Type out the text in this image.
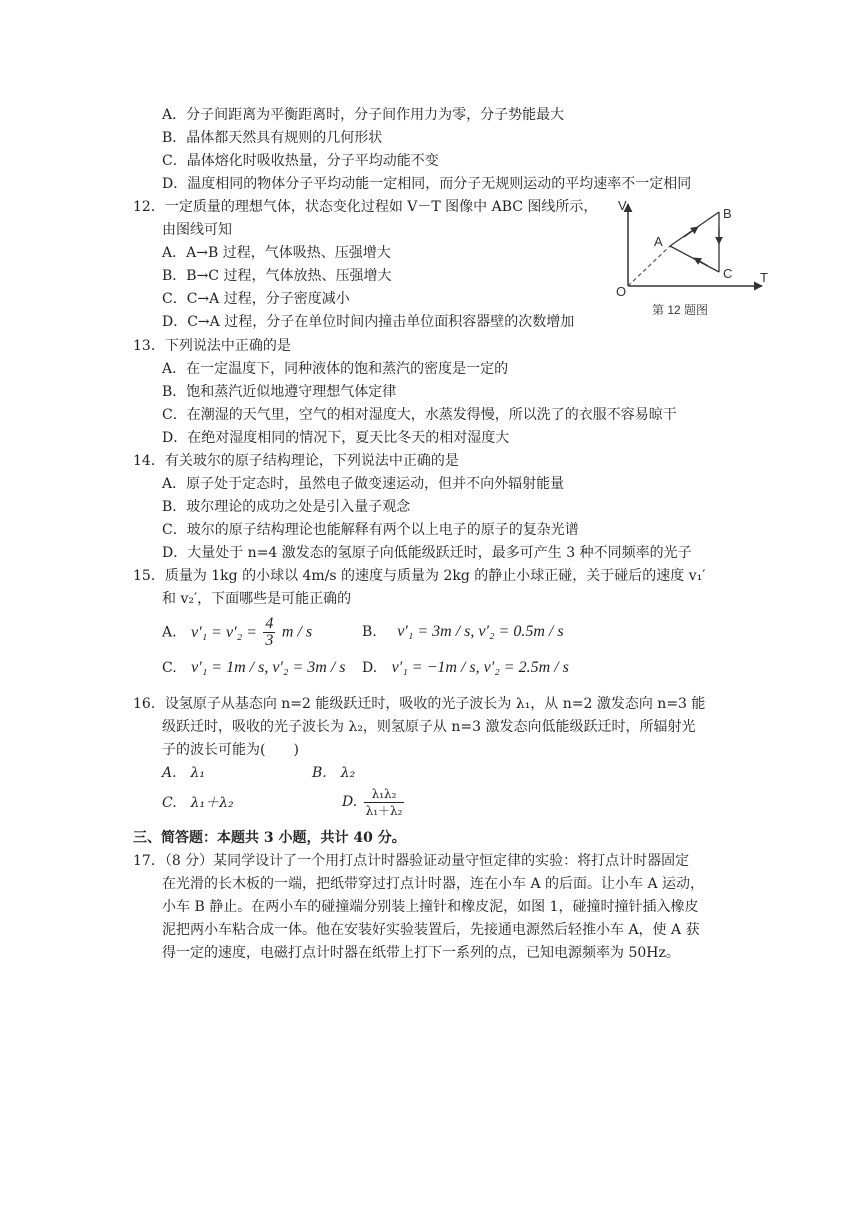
A．分子间距离为平衡距离时，分子间作用力为零，分子势能最大
B．晶体都天然具有规则的几何形状
C．晶体熔化时吸收热量，分子平均动能不变
D．温度相同的物体分子平均动能一定相同，而分子无规则运动的平均速率不一定相同
12．一定质量的理想气体，状态变化过程如 V－T 图像中 ABC 图线所示，
由图线可知
A．A→B 过程，气体吸热、压强增大
B．B→C 过程，气体放热、压强增大
C．C→A 过程，分子密度减小
D．C→A 过程，分子在单位时间内撞击单位面积容器壁的次数增加
V
T
O
A
B
C
第 12 题图
13．下列说法中正确的是
A．在一定温度下，同种液体的饱和蒸汽的密度是一定的
B．饱和蒸汽近似地遵守理想气体定律
C．在潮湿的天气里，空气的相对湿度大，水蒸发得慢，所以洗了的衣服不容易晾干
D．在绝对湿度相同的情况下，夏天比冬天的相对湿度大
14．有关玻尔的原子结构理论，下列说法中正确的是
A．原子处于定态时，虽然电子做变速运动，但并不向外辐射能量
B．玻尔理论的成功之处是引入量子观念
C．玻尔的原子结构理论也能解释有两个以上电子的原子的复杂光谱
D．大量处于 n=4 激发态的氢原子向低能级跃迁时，最多可产生 3 种不同频率的光子
15．质量为 1kg 的小球以 4m/s 的速度与质量为 2kg 的静止小球正碰，关于碰后的速度 v₁′
和 v₂′，下面哪些是可能正确的
A. $v'_1 = v'_2 = \frac{4}{3}$ m / s	B. v′₁ = 3m / s, v′₂ = 0.5m / s
C. v′₁ = 1m / s, v′₂ = 3m / s D. v′₁ = −1m / s, v′₂ = 2.5m / s
16．设氢原子从基态向 n=2 能级跃迁时，吸收的光子波长为 λ₁，从 n=2 激发态向 n=3 能
级跃迁时，吸收的光子波长为 λ₂，则氢原子从 n=3 激发态向低能级跃迁时，所辐射光
子的波长可能为(　　)
A.　λ₁	B.　λ₂
C.　λ₁＋λ₂	D. $\frac{\text{λ₁λ₂}}{\text{λ₁＋λ₂}}$
三、简答题：本题共 3 小题，共计 40 分。
17．（8 分）某同学设计了一个用打点计时器验证动量守恒定律的实验：将打点计时器固定
在光滑的长木板的一端，把纸带穿过打点计时器，连在小车 A 的后面。让小车 A 运动，
小车 B 静止。在两小车的碰撞端分别装上撞针和橡皮泥，如图 1，碰撞时撞针插入橡皮
泥把两小车粘合成一体。他在安装好实验装置后，先接通电源然后轻推小车 A，使 A 获
得一定的速度，电磁打点计时器在纸带上打下一系列的点，已知电源频率为 50Hz。
